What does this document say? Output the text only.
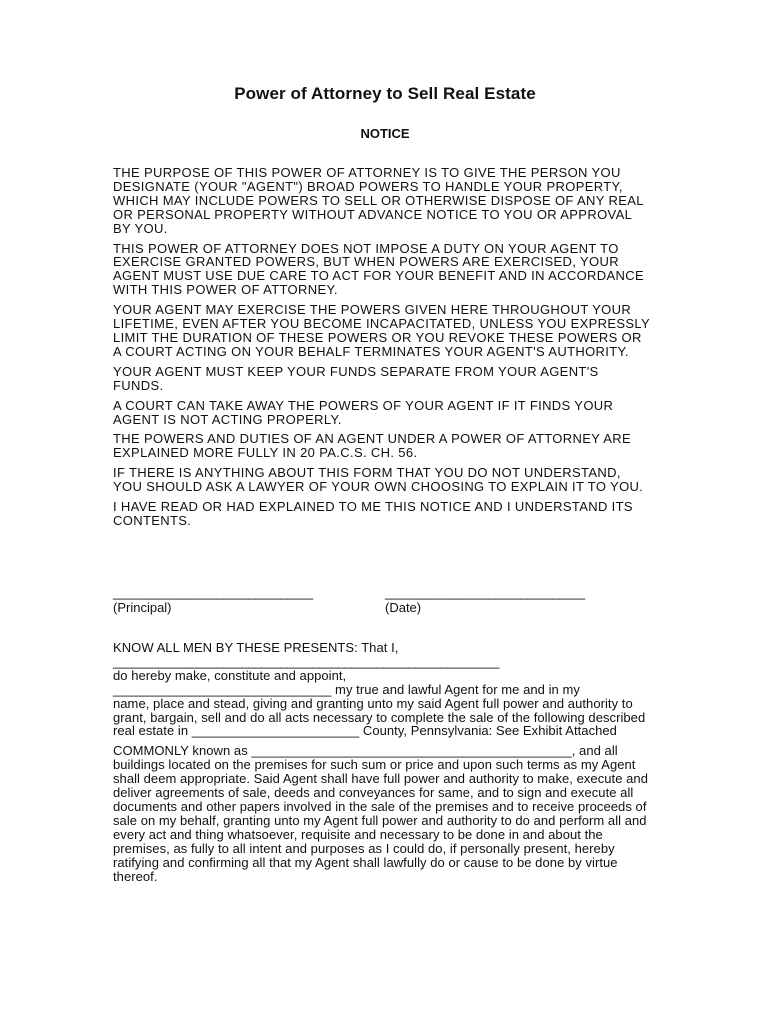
Power of Attorney to Sell Real Estate
NOTICE

THE PURPOSE OF THIS POWER OF ATTORNEY IS TO GIVE THE PERSON YOU DESIGNATE (YOUR "AGENT") BROAD POWERS TO HANDLE YOUR PROPERTY, WHICH MAY INCLUDE POWERS TO SELL OR OTHERWISE DISPOSE OF ANY REAL OR PERSONAL PROPERTY WITHOUT ADVANCE NOTICE TO YOU OR APPROVAL BY YOU.

THIS POWER OF ATTORNEY DOES NOT IMPOSE A DUTY ON YOUR AGENT TO EXERCISE GRANTED POWERS, BUT WHEN POWERS ARE EXERCISED, YOUR AGENT MUST USE DUE CARE TO ACT FOR YOUR BENEFIT AND IN ACCORDANCE WITH THIS POWER OF ATTORNEY.

YOUR AGENT MAY EXERCISE THE POWERS GIVEN HERE THROUGHOUT YOUR LIFETIME, EVEN AFTER YOU BECOME INCAPACITATED, UNLESS YOU EXPRESSLY LIMIT THE DURATION OF THESE POWERS OR YOU REVOKE THESE POWERS OR A COURT ACTING ON YOUR BEHALF TERMINATES YOUR AGENT'S AUTHORITY.

YOUR AGENT MUST KEEP YOUR FUNDS SEPARATE FROM YOUR AGENT'S FUNDS.

A COURT CAN TAKE AWAY THE POWERS OF YOUR AGENT IF IT FINDS YOUR AGENT IS NOT ACTING PROPERLY.

THE POWERS AND DUTIES OF AN AGENT UNDER A POWER OF ATTORNEY ARE EXPLAINED MORE FULLY IN 20 PA.C.S. CH. 56.

IF THERE IS ANYTHING ABOUT THIS FORM THAT YOU DO NOT UNDERSTAND, YOU SHOULD ASK A LAWYER OF YOUR OWN CHOOSING TO EXPLAIN IT TO YOU.

I HAVE READ OR HAD EXPLAINED TO ME THIS NOTICE AND I UNDERSTAND ITS CONTENTS.

_______________________________
(Principal)
_______________________________
(Date)
KNOW ALL MEN BY THESE PRESENTS: That I,
____________________________________________________________
do hereby make, constitute and appoint,
______________________________ my true and lawful Agent for me and in my

name, place and stead, giving and granting unto my said Agent full power and authority to grant, bargain, sell and do all acts necessary to complete the sale of the following described real estate in _______________________ County, Pennsylvania: See Exhibit Attached

COMMONLY known as ____________________________________________, and all buildings located on the premises for such sum or price and upon such terms as my Agent shall deem appropriate. Said Agent shall have full power and authority to make, execute and deliver agreements of sale, deeds and conveyances for same, and to sign and execute all documents and other papers involved in the sale of the premises and to receive proceeds of sale on my behalf, granting unto my Agent full power and authority to do and perform all and every act and thing whatsoever, requisite and necessary to be done in and about the premises, as fully to all intent and purposes as I could do, if personally present, hereby ratifying and confirming all that my Agent shall lawfully do or cause to be done by virtue thereof.
